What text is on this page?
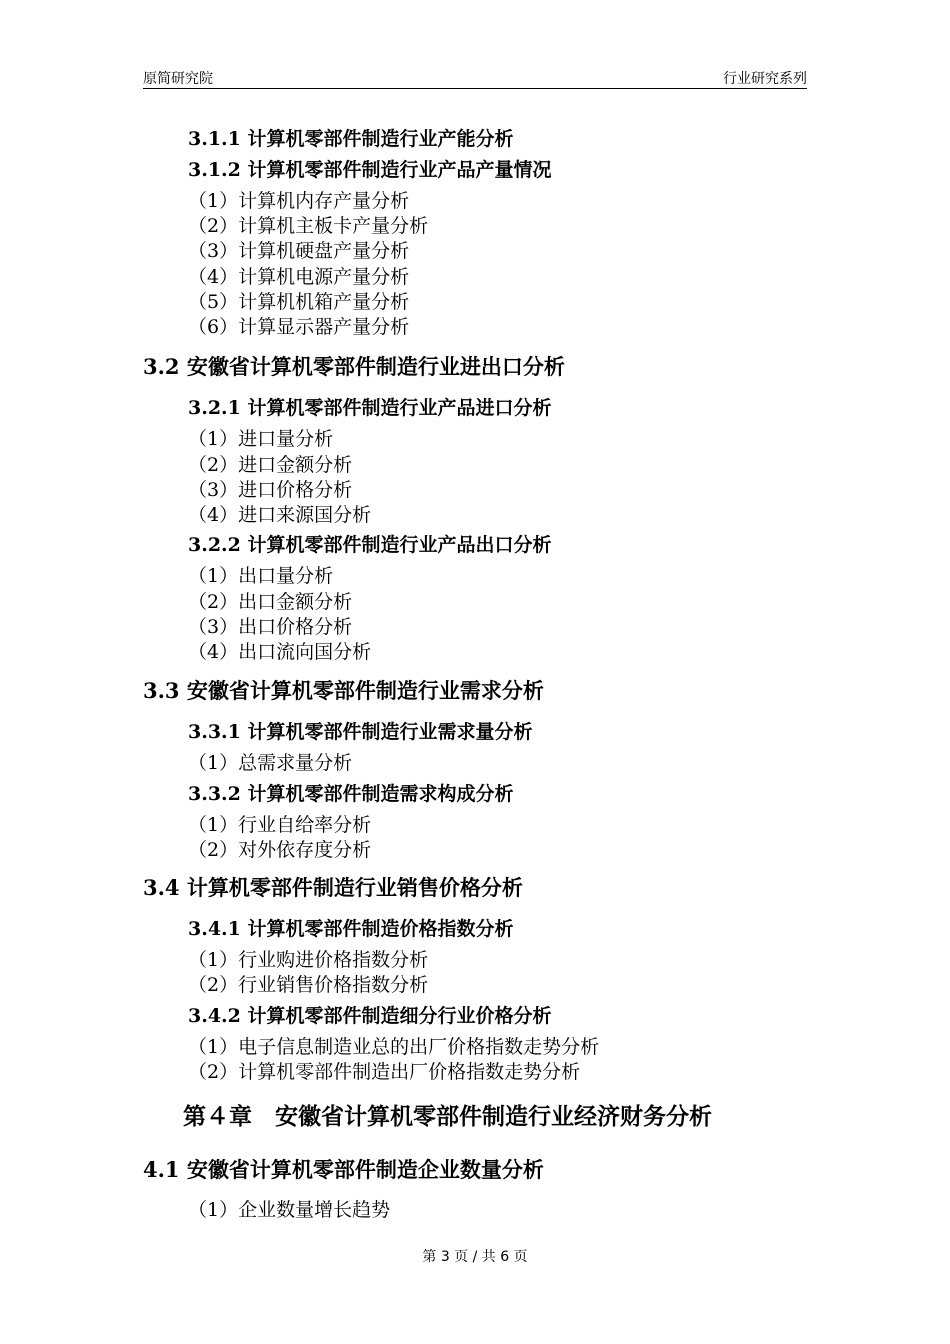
原简研究院	行业研究系列
3.1.1 计算机零部件制造行业产能分析
3.1.2 计算机零部件制造行业产品产量情况
（1）计算机内存产量分析
（2）计算机主板卡产量分析
（3）计算机硬盘产量分析
（4）计算机电源产量分析
（5）计算机机箱产量分析
（6）计算显示器产量分析
3.2 安徽省计算机零部件制造行业进出口分析
3.2.1 计算机零部件制造行业产品进口分析
（1）进口量分析
（2）进口金额分析
（3）进口价格分析
（4）进口来源国分析
3.2.2 计算机零部件制造行业产品出口分析
（1）出口量分析
（2）出口金额分析
（3）出口价格分析
（4）出口流向国分析
3.3 安徽省计算机零部件制造行业需求分析
3.3.1 计算机零部件制造行业需求量分析
（1）总需求量分析
3.3.2 计算机零部件制造需求构成分析
（1）行业自给率分析
（2）对外依存度分析
3.4 计算机零部件制造行业销售价格分析
3.4.1 计算机零部件制造价格指数分析
（1）行业购进价格指数分析
（2）行业销售价格指数分析
3.4.2 计算机零部件制造细分行业价格分析
（1）电子信息制造业总的出厂价格指数走势分析
（2）计算机零部件制造出厂价格指数走势分析
第４章　安徽省计算机零部件制造行业经济财务分析
4.1 安徽省计算机零部件制造企业数量分析
（1）企业数量增长趋势
第 3 页 / 共 6 页
